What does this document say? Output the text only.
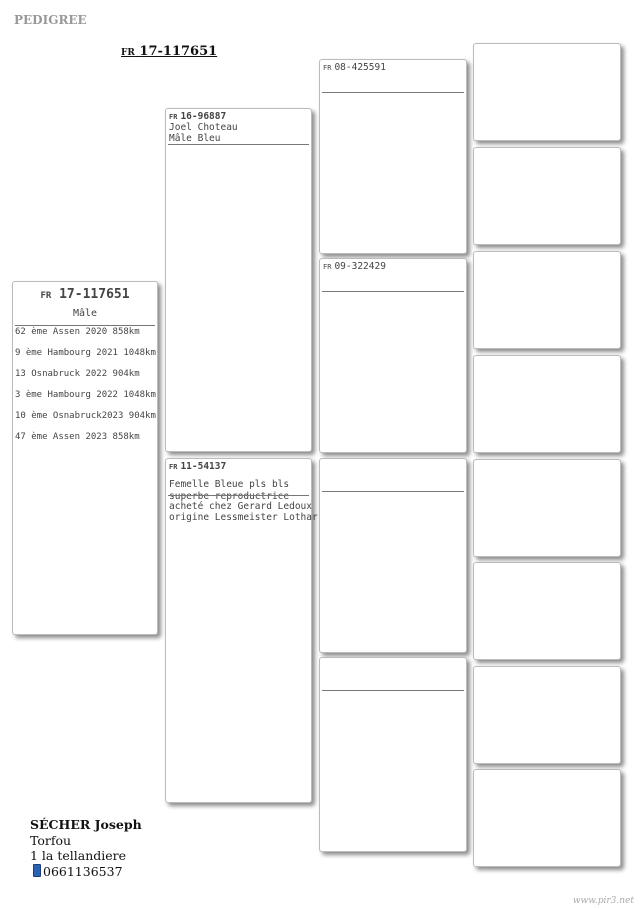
PEDIGREE
FR 17-117651
FR 17-117651
Mâle
62 ème Assen 2020 858km
9 ème Hambourg 2021 1048km
13 Osnabruck 2022 904km
3 ème Hambourg 2022 1048km
10 ème Osnabruck2023 904km
47 ème Assen 2023 858km
FR 16-96887
Joel Choteau
Mâle Bleu
FR 11-54137
Femelle Bleue pls bls
superbe reproductrice
acheté chez Gerard Ledoux
origine Lessmeister Lothar
FR 08-425591
FR 09-322429
SÉCHER Joseph
Torfou
1 la tellandiere
0661136537
www.pir3.net
